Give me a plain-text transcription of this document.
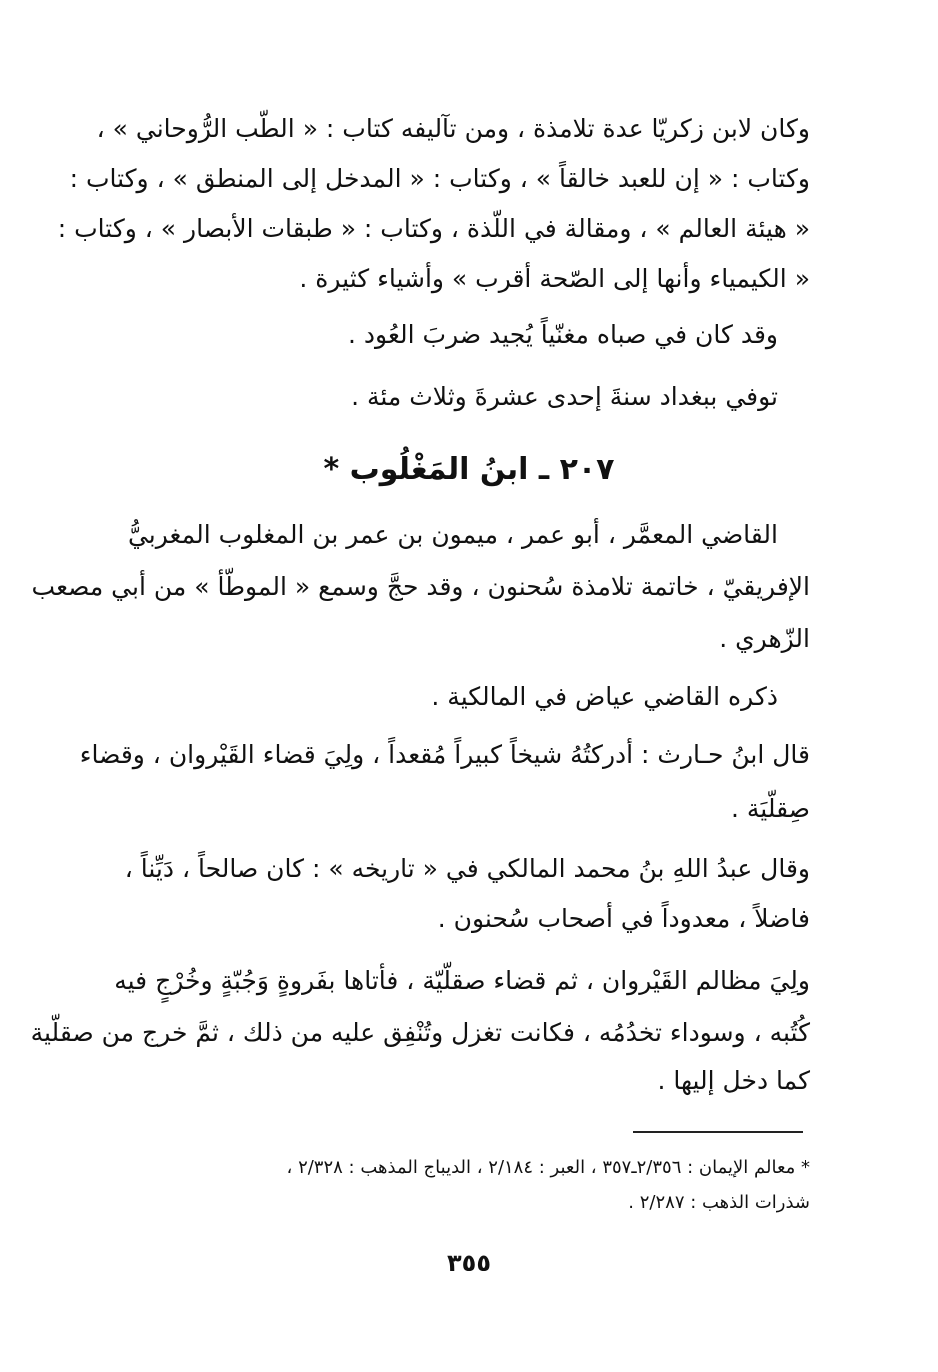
وكان لابن زكريّا عدة تلامذة ، ومن تآليفه كتاب : « الطّب الرُّوحاني » ،
وكتاب : « إن للعبد خالقاً » ، وكتاب : « المدخل إلى المنطق » ، وكتاب :
« هيئة العالم » ، ومقالة في اللّذة ، وكتاب : « طبقات الأبصار » ، وكتاب :
« الكيمياء وأنها إلى الصّحة أقرب » وأشياء كثيرة .
وقد كان في صباه مغنّياً يُجيد ضربَ العُود .
توفي ببغداد سنةَ إحدى عشرةَ وثلاث مئة .
٢٠٧ ـ ابنُ المَغْلُوب *
القاضي المعمَّر ، أبو عمر ، ميمون بن عمر بن المغلوب المغربيُّ
الإفريقيّ ، خاتمة تلامذة سُحنون ، وقد حجَّ وسمع « الموطّأ » من أبي مصعب
الزّهري .
ذكره القاضي عياض في المالكية .
قال ابنُ حـارث : أدركتُهُ شيخاً كبيراً مُقعداً ، ولِيَ قضاء القَيْروان ، وقضاء
صِقلّيَة .
وقال عبدُ اللهِ بنُ محمد المالكي في « تاريخه » : كان صالحاً ، دَيِّناً ،
فاضلاً ، معدوداً في أصحاب سُحنون .
ولِيَ مظالم القَيْروان ، ثم قضاء صقلّيّة ، فأتاها بفَروةٍ وَجُبّةٍ وخُرْجٍ فيه
كُتُبه ، وسوداء تخدُمُه ، فكانت تغزل وتُنْفِق عليه من ذلك ، ثمَّ خرج من صقلّية
كما دخل إليها .
* معالم الإيمان : ٢/٣٥٦ـ٣٥٧ ، العبر : ٢/١٨٤ ، الديباج المذهب : ٢/٣٢٨ ،
شذرات الذهب : ٢/٢٨٧ .
٣٥٥
